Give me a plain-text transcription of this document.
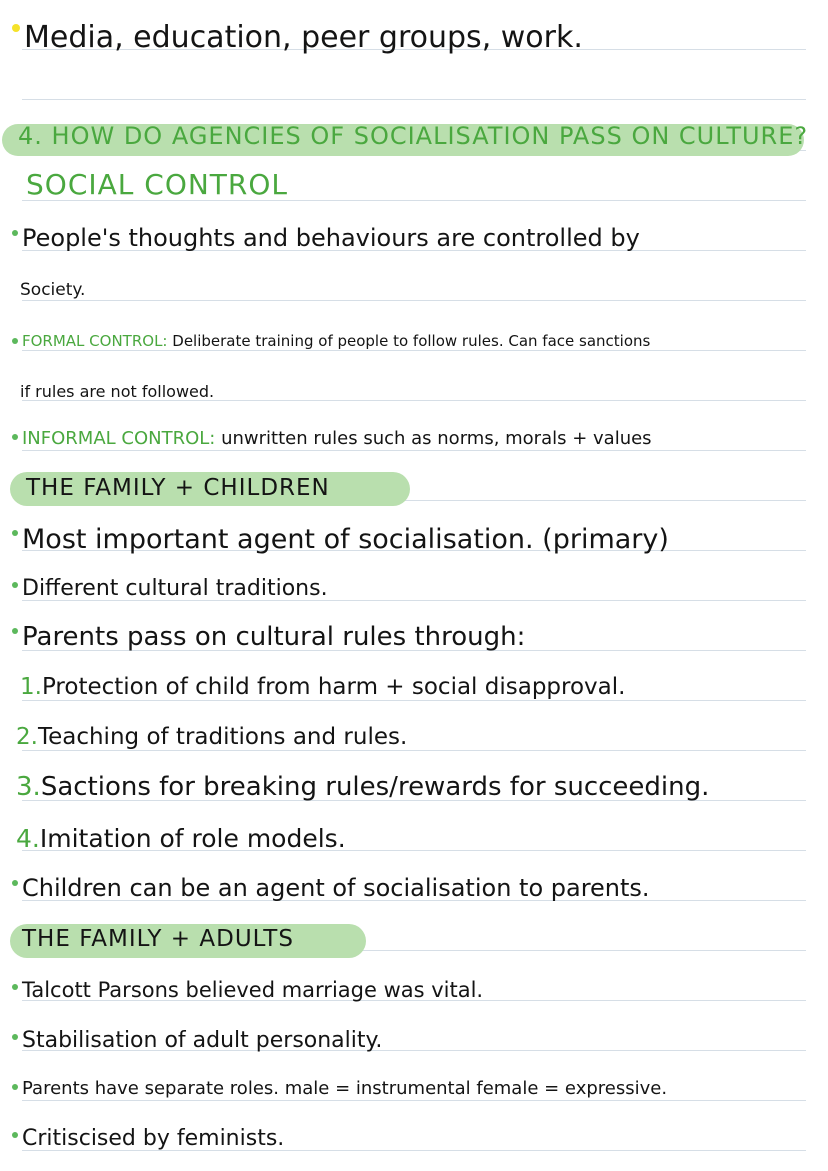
Media, education, peer groups, work.
4. HOW DO AGENCIES OF SOCIALISATION PASS ON CULTURE?
SOCIAL CONTROL
People's thoughts and behaviours are controlled by
Society.
FORMAL CONTROL: Deliberate training of people to follow rules. Can face sanctions
if rules are not followed.
INFORMAL CONTROL: unwritten rules such as norms, morals + values
THE FAMILY + CHILDREN
Most important agent of socialisation. (primary)
Different cultural traditions.
Parents pass on cultural rules through:
1.Protection of child from harm + social disapproval.
2.Teaching of traditions and rules.
3.Sactions for breaking rules/rewards for succeeding.
4.Imitation of role models.
Children can be an agent of socialisation to parents.
THE FAMILY + ADULTS
Talcott Parsons believed marriage was vital.
Stabilisation of adult personality.
Parents have separate roles. male = instrumental female = expressive.
Critiscised by feminists.
